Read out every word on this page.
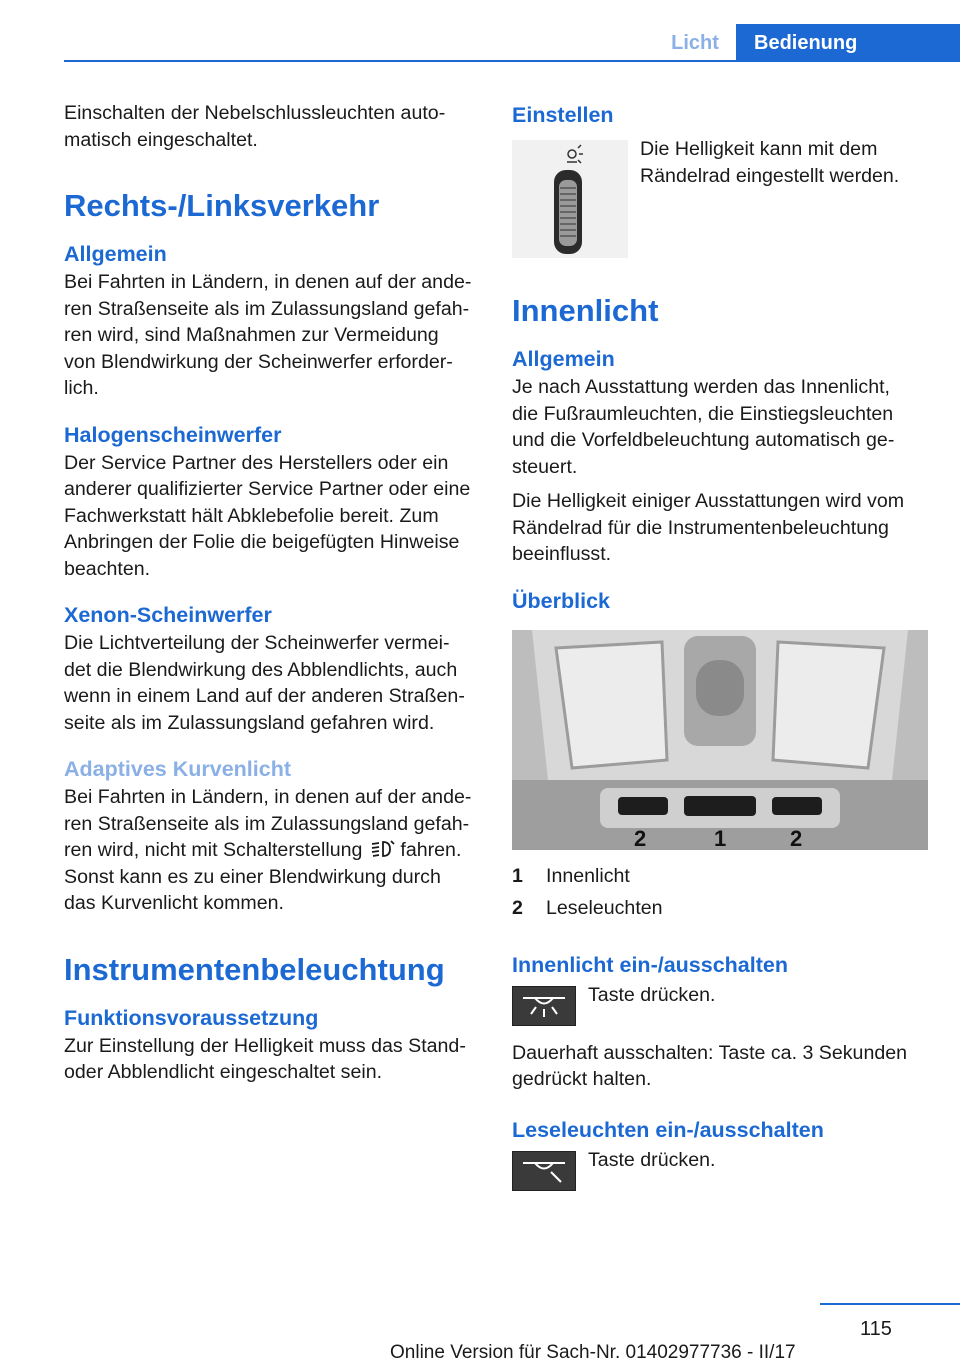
Licht	Bedienung

Einschalten der Nebelschlussleuchten auto-

matisch eingeschaltet.

Rechts-/Linksverkehr
Allgemein

Bei Fahrten in Ländern, in denen auf der ande-

ren Straßenseite als im Zulassungsland gefah-

ren wird, sind Maßnahmen zur Vermeidung

von Blendwirkung der Scheinwerfer erforder-

lich.

Halogenscheinwerfer

Der Service Partner des Herstellers oder ein

anderer qualifizierter Service Partner oder eine

Fachwerkstatt hält Abklebefolie bereit. Zum

Anbringen der Folie die beigefügten Hinweise

beachten.

Xenon-Scheinwerfer

Die Lichtverteilung der Scheinwerfer vermei-

det die Blendwirkung des Abblendlichts, auch

wenn in einem Land auf der anderen Straßen-

seite als im Zulassungsland gefahren wird.

Adaptives Kurvenlicht

Bei Fahrten in Ländern, in denen auf der ande-

ren Straßenseite als im Zulassungsland gefah-

ren wird, nicht mit Schalterstellung fahren.

Sonst kann es zu einer Blendwirkung durch

das Kurvenlicht kommen.

Instrumentenbeleuchtung
Funktionsvoraussetzung

Zur Einstellung der Helligkeit muss das Stand-

oder Abblendlicht eingeschaltet sein.

Einstellen

Die Helligkeit kann mit dem

Rändelrad eingestellt werden.

Innenlicht
Allgemein

Je nach Ausstattung werden das Innenlicht,

die Fußraumleuchten, die Einstiegsleuchten

und die Vorfeldbeleuchtung automatisch ge-

steuert.

Die Helligkeit einiger Ausstattungen wird vom

Rändelrad für die Instrumentenbeleuchtung

beeinflusst.

Überblick
2	1	2
1	Innenlicht
2	Leseleuchten
Innenlicht ein-/ausschalten

Taste drücken.

Dauerhaft ausschalten: Taste ca. 3 Sekunden

gedrückt halten.

Leseleuchten ein-/ausschalten

Taste drücken.

115
Online Version für Sach-Nr. 01402977736 - II/17
